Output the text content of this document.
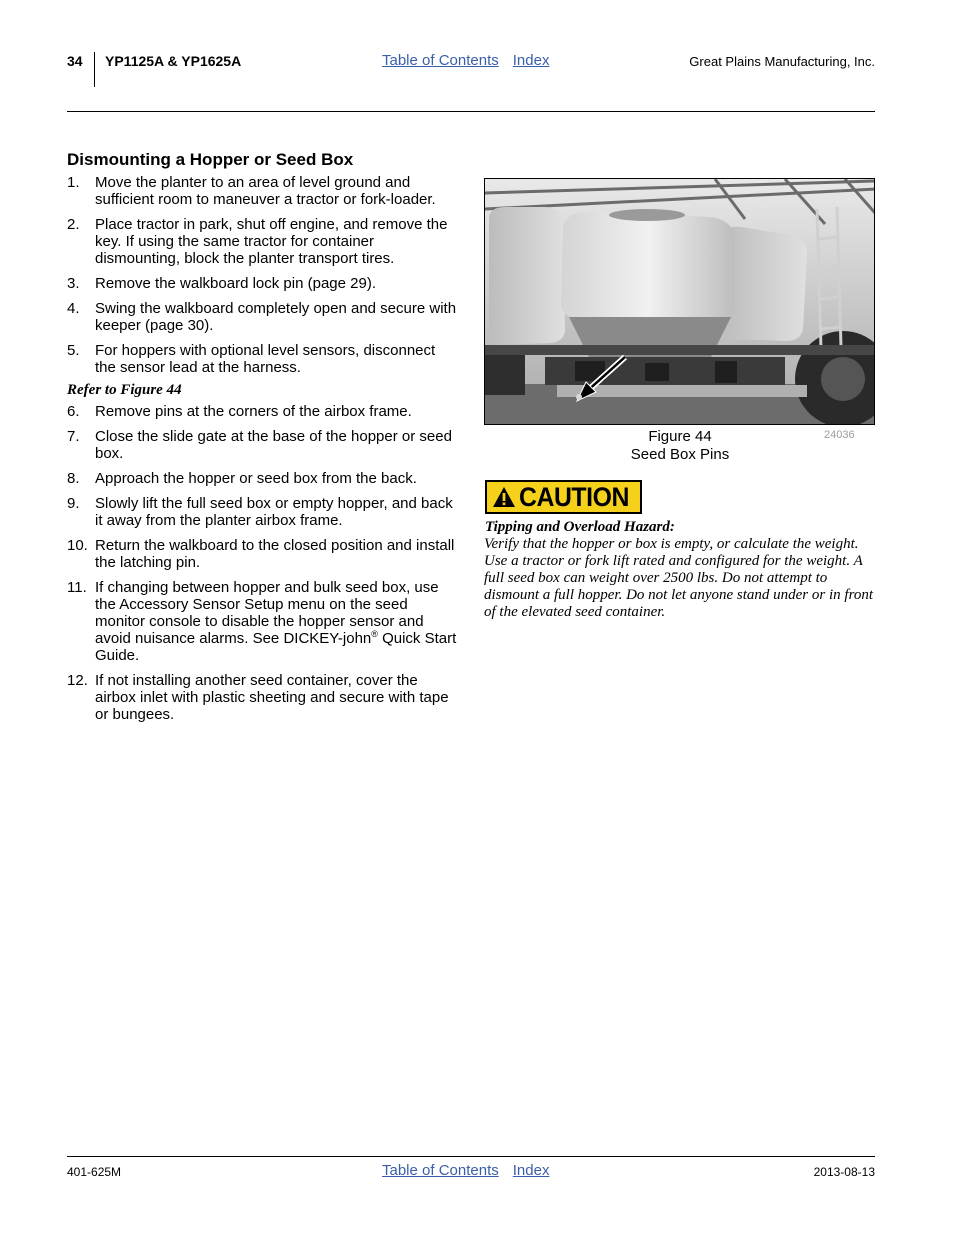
34 YP1125A & YP1625A	Table of Contents Index	Great Plains Manufacturing, Inc.
Dismounting a Hopper or Seed Box
1. Move the planter to an area of level ground and sufficient room to maneuver a tractor or fork-loader.
2. Place tractor in park, shut off engine, and remove the key. If using the same tractor for container dismounting, block the planter transport tires.
3. Remove the walkboard lock pin (page 29).
4. Swing the walkboard completely open and secure with keeper (page 30).
5. For hoppers with optional level sensors, disconnect the sensor lead at the harness.
Refer to Figure 44
6. Remove pins at the corners of the airbox frame.
7. Close the slide gate at the base of the hopper or seed box.
8. Approach the hopper or seed box from the back.
9. Slowly lift the full seed box or empty hopper, and back it away from the planter airbox frame.
10. Return the walkboard to the closed position and install the latching pin.
11. If changing between hopper and bulk seed box, use the Accessory Sensor Setup menu on the seed monitor console to disable the hopper sensor and avoid nuisance alarms. See DICKEY-john® Quick Start Guide.
12. If not installing another seed container, cover the airbox inlet with plastic sheeting and secure with tape or bungees.
Figure 44
Seed Box Pins
24036
CAUTION
Tipping and Overload Hazard:
Verify that the hopper or box is empty, or calculate the weight. Use a tractor or fork lift rated and configured for the weight. A full seed box can weight over 2500 lbs. Do not attempt to dismount a full hopper. Do not let anyone stand under or in front of the elevated seed container.
401-625M	Table of Contents Index	2013-08-13
